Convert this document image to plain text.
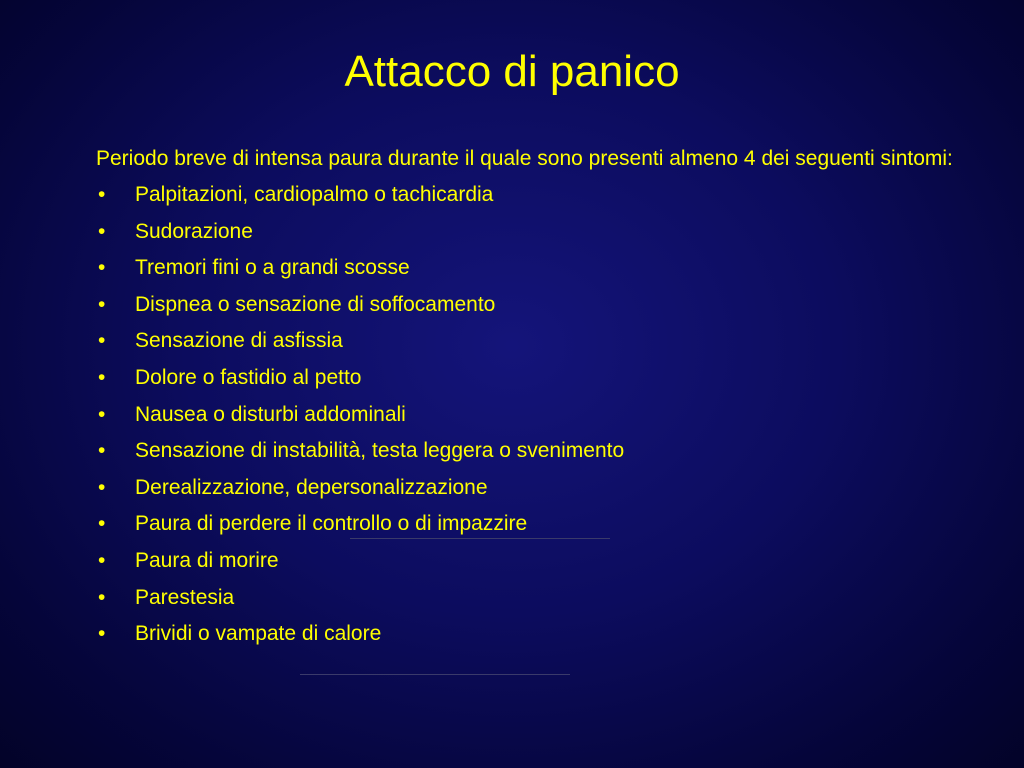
Attacco di panico

Periodo breve di intensa paura durante il quale sono presenti almeno 4 dei seguenti sintomi:

• Palpitazioni, cardiopalmo o tachicardia
• Sudorazione
• Tremori fini o a grandi scosse
• Dispnea o sensazione di soffocamento
• Sensazione di asfissia
• Dolore o fastidio al petto
• Nausea o disturbi addominali
• Sensazione di instabilità, testa leggera o svenimento
• Derealizzazione, depersonalizzazione
• Paura di perdere il controllo o di impazzire
• Paura di morire
• Parestesia
• Brividi o vampate di calore
